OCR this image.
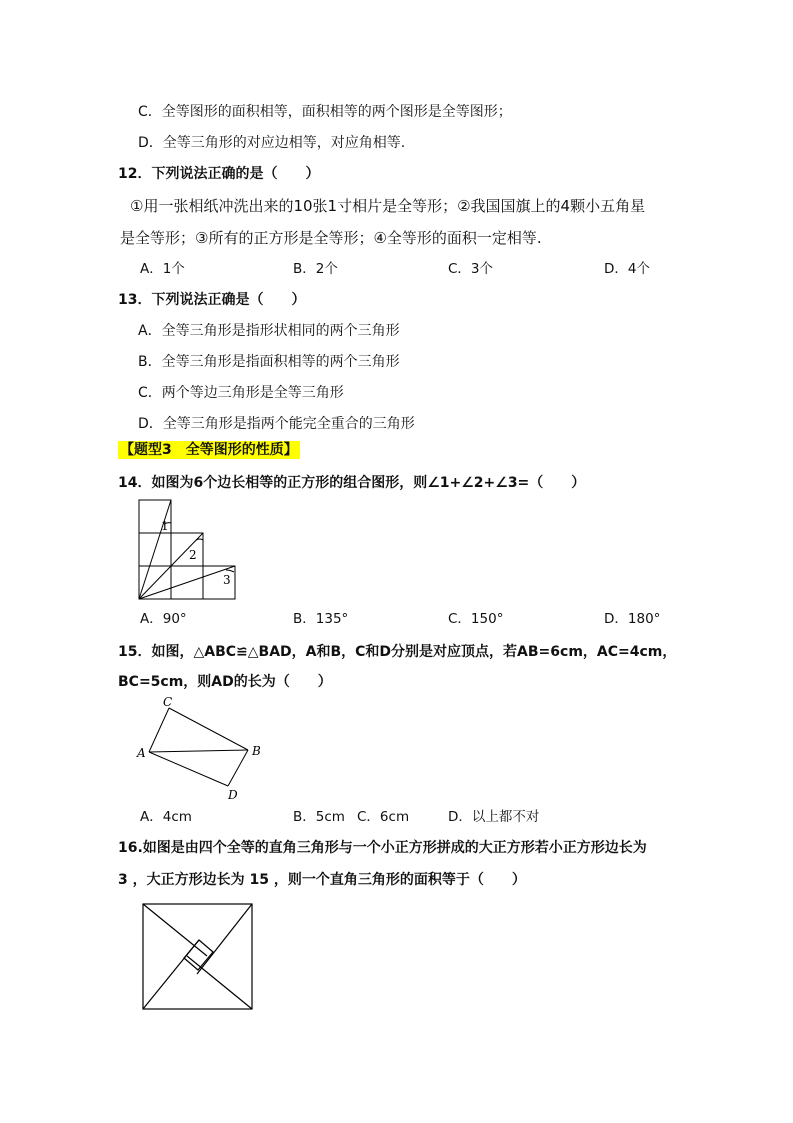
C．全等图形的面积相等，面积相等的两个图形是全等图形；
D．全等三角形的对应边相等，对应角相等.
12．下列说法正确的是（　　）
①用一张相纸冲洗出来的10张1寸相片是全等形；②我国国旗上的4颗小五角星
是全等形；③所有的正方形是全等形；④全等形的面积一定相等.
A．1个	B．2个	C．3个	D．4个
13．下列说法正确是（　　）
A．全等三角形是指形状相同的两个三角形
B．全等三角形是指面积相等的两个三角形
C．两个等边三角形是全等三角形
D．全等三角形是指两个能完全重合的三角形
【题型3　全等图形的性质】
14．如图为6个边长相等的正方形的组合图形，则∠1+∠2+∠3=（　　）
1
2
3
A．90°	B．135°	C．150°	D．180°
15．如图，△ABC≌△BAD，A和B，C和D分别是对应顶点，若AB=6cm，AC=4cm，
BC=5cm，则AD的长为（　　）
C
A	B
D
A．4cm	B．5cm C．6cm	D．以上都不对
16.如图是由四个全等的直角三角形与一个小正方形拼成的大正方形若小正方形边长为
3 ，大正方形边长为 15 ，则一个直角三角形的面积等于（　　）
